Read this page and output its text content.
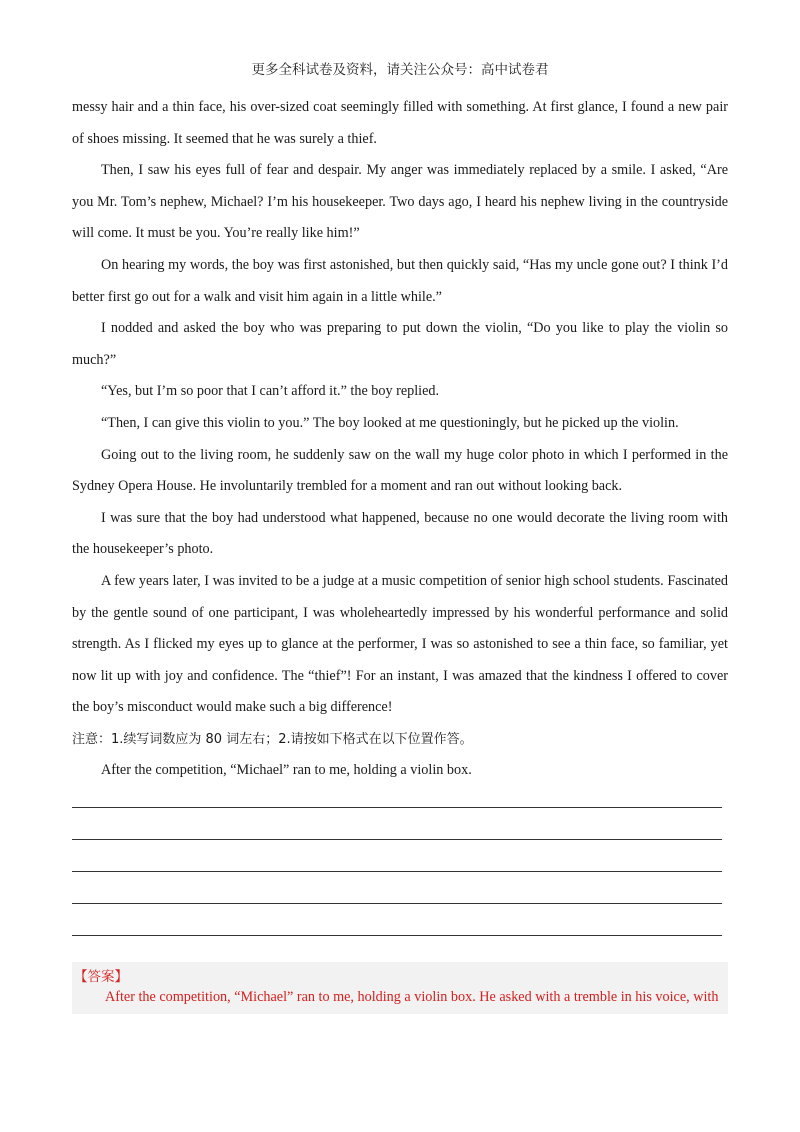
更多全科试卷及资料，请关注公众号：高中试卷君

messy hair and a thin face, his over-sized coat seemingly filled with something. At first glance, I found a new pair of shoes missing. It seemed that he was surely a thief.

Then, I saw his eyes full of fear and despair. My anger was immediately replaced by a smile. I asked, “Are you Mr. Tom’s nephew, Michael? I’m his housekeeper. Two days ago, I heard his nephew living in the countryside will come. It must be you. You’re really like him!”

On hearing my words, the boy was first astonished, but then quickly said, “Has my uncle gone out? I think I’d better first go out for a walk and visit him again in a little while.”

I nodded and asked the boy who was preparing to put down the violin, “Do you like to play the violin so much?”

“Yes, but I’m so poor that I can’t afford it.” the boy replied.

“Then, I can give this violin to you.” The boy looked at me questioningly, but he picked up the violin.

Going out to the living room, he suddenly saw on the wall my huge color photo in which I performed in the Sydney Opera House. He involuntarily trembled for a moment and ran out without looking back.

I was sure that the boy had understood what happened, because no one would decorate the living room with the housekeeper’s photo.

A few years later, I was invited to be a judge at a music competition of senior high school students. Fascinated by the gentle sound of one participant, I was wholeheartedly impressed by his wonderful performance and solid strength. As I flicked my eyes up to glance at the performer, I was so astonished to see a thin face, so familiar, yet now lit up with joy and confidence. The “thief”! For an instant, I was amazed that the kindness I offered to cover the boy’s misconduct would make such a big difference!

注意：1.续写词数应为 80 词左右；2.请按如下格式在以下位置作答。

After the competition, “Michael” ran to me, holding a violin box.

【答案】
After the competition, “Michael” ran to me, holding a violin box. He asked with a tremble in his voice, with
